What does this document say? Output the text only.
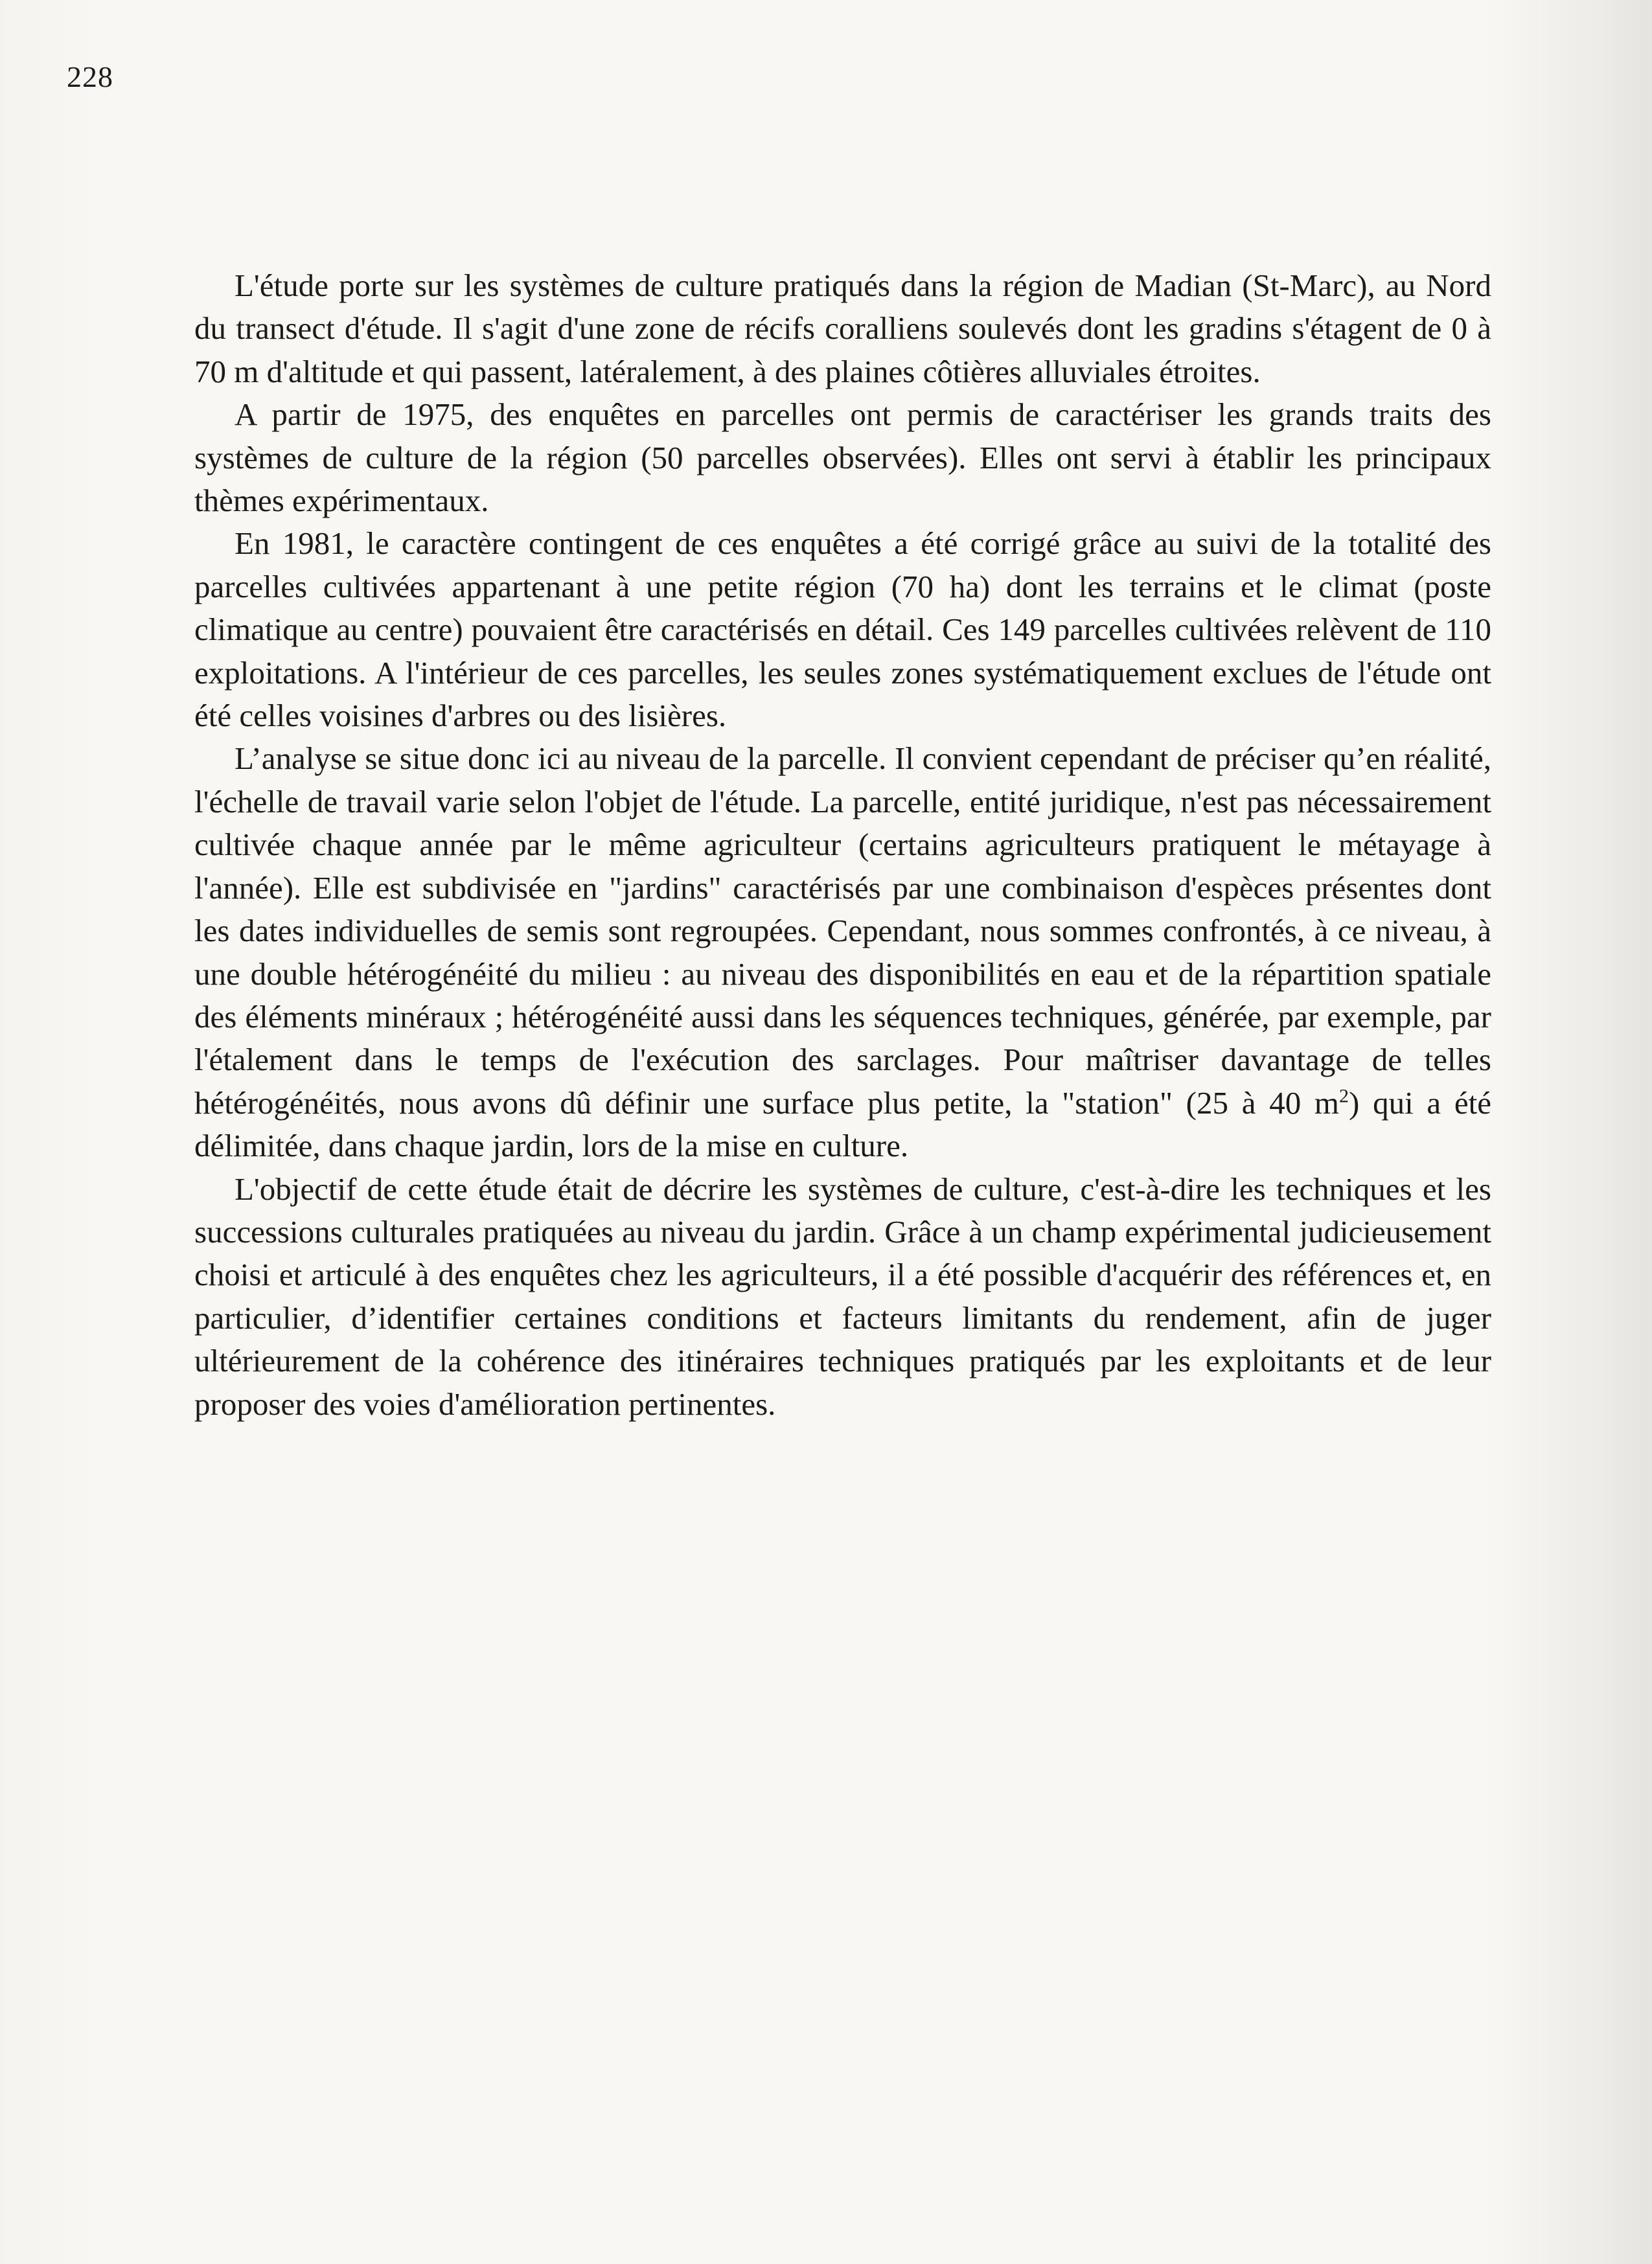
228

L'étude porte sur les systèmes de culture pratiqués dans la région de Madian (St-Marc), au Nord du transect d'étude. Il s'agit d'une zone de récifs coralliens soulevés dont les gradins s'étagent de 0 à 70 m d'altitude et qui passent, latéralement, à des plaines côtières alluviales étroites.

A partir de 1975, des enquêtes en parcelles ont permis de caractériser les grands traits des systèmes de culture de la région (50 parcelles observées). Elles ont servi à établir les principaux thèmes expérimentaux.

En 1981, le caractère contingent de ces enquêtes a été corrigé grâce au suivi de la totalité des parcelles cultivées appartenant à une petite région (70 ha) dont les terrains et le climat (poste climatique au centre) pouvaient être caractérisés en détail. Ces 149 parcelles cultivées relèvent de 110 exploitations. A l'intérieur de ces parcelles, les seules zones systématiquement exclues de l'étude ont été celles voisines d'arbres ou des lisières.

L’analyse se situe donc ici au niveau de la parcelle. Il convient cependant de préciser qu’en réalité, l'échelle de travail varie selon l'objet de l'étude. La parcelle, entité juridique, n'est pas nécessairement cultivée chaque année par le même agriculteur (certains agriculteurs pratiquent le métayage à l'année). Elle est subdivisée en "jardins" caractérisés par une combinaison d'espèces présentes dont les dates individuelles de semis sont regroupées. Cependant, nous sommes confrontés, à ce niveau, à une double hétérogénéité du milieu : au niveau des disponibilités en eau et de la répartition spatiale des éléments minéraux ; hétérogénéité aussi dans les séquences techniques, générée, par exemple, par l'étalement dans le temps de l'exécution des sarclages. Pour maîtriser davantage de telles hétérogénéités, nous avons dû définir une surface plus petite, la "station" (25 à 40 $m^2$) qui a été délimitée, dans chaque jardin, lors de la mise en culture.

L'objectif de cette étude était de décrire les systèmes de culture, c'est-à-dire les techniques et les successions culturales pratiquées au niveau du jardin. Grâce à un champ expérimental judicieusement choisi et articulé à des enquêtes chez les agriculteurs, il a été possible d'acquérir des références et, en particulier, d’identifier certaines conditions et facteurs limitants du rendement, afin de juger ultérieurement de la cohérence des itinéraires techniques pratiqués par les exploitants et de leur proposer des voies d'amélioration pertinentes.
